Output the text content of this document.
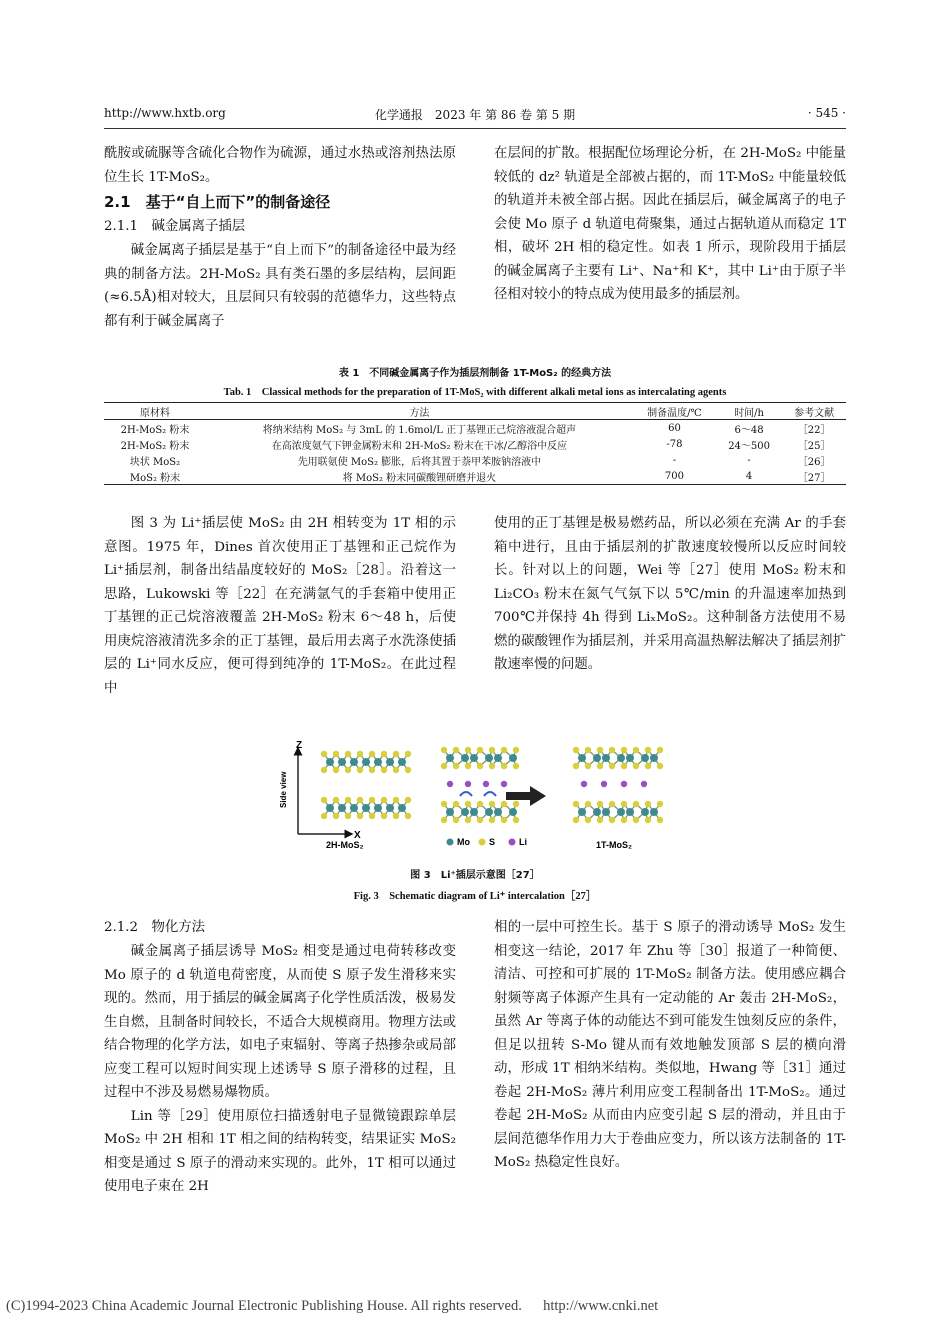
http://www.hxtb.org	化学通报　2023 年 第 86 卷 第 5 期	· 545 ·

酰胺或硫脲等含硫化合物作为硫源，通过水热或溶剂热法原位生长 1T-MoS₂。

2.1　基于“自上而下”的制备途径

2.1.1　碱金属离子插层

碱金属离子插层是基于“自上而下”的制备途径中最为经典的制备方法。2H-MoS₂ 具有类石墨的多层结构，层间距(≈6.5Å)相对较大，且层间只有较弱的范德华力，这些特点都有利于碱金属离子

在层间的扩散。根据配位场理论分析，在 2H-MoS₂ 中能量较低的 dz² 轨道是全部被占据的，而 1T-MoS₂ 中能量较低的轨道并未被全部占据。因此在插层后，碱金属离子的电子会使 Mo 原子 d 轨道电荷聚集，通过占据轨道从而稳定 1T 相，破坏 2H 相的稳定性。如表 1 所示，现阶段用于插层的碱金属离子主要有 Li⁺、Na⁺和 K⁺，其中 Li⁺由于原子半径相对较小的特点成为使用最多的插层剂。

表 1　不同碱金属离子作为插层剂制备 1T-MoS₂ 的经典方法
Tab. 1　Classical methods for the preparation of 1T-MoS₂ with different alkali metal ions as intercalating agents
原材料	方法	制备温度/℃	时间/h	参考文献
2H-MoS₂ 粉末	将纳米结构 MoS₂ 与 3mL 的 1.6mol/L 正丁基锂正己烷溶液混合超声	60	6～48	［22］
2H-MoS₂ 粉末	在高浓度氨气下钾金属粉末和 2H-MoS₂ 粉末在干冰/乙醇浴中反应	-78	24～500	［25］
块状 MoS₂	先用联氨使 MoS₂ 膨胀，后将其置于萘甲苯胺钠溶液中	-	-	［26］
MoS₂ 粉末	将 MoS₂ 粉末同碳酸锂研磨并退火	700	4	［27］

图 3 为 Li⁺插层使 MoS₂ 由 2H 相转变为 1T 相的示意图。1975 年，Dines 首次使用正丁基锂和正己烷作为 Li⁺插层剂，制备出结晶度较好的 MoS₂［28］。沿着这一思路，Lukowski 等［22］在充满氩气的手套箱中使用正丁基锂的正己烷溶液覆盖 2H-MoS₂ 粉末 6～48 h，后使用庚烷溶液清洗多余的正丁基锂，最后用去离子水洗涤使插层的 Li⁺同水反应，便可得到纯净的 1T-MoS₂。在此过程中

使用的正丁基锂是极易燃药品，所以必须在充满 Ar 的手套箱中进行，且由于插层剂的扩散速度较慢所以反应时间较长。针对以上的问题，Wei 等［27］使用 MoS₂ 粉末和 Li₂CO₃ 粉末在氮气气氛下以 5℃/min 的升温速率加热到 700℃并保持 4h 得到 LiₓMoS₂。这种制备方法使用不易燃的碳酸锂作为插层剂，并采用高温热解法解决了插层剂扩散速率慢的问题。

Z
X
Side view
2H-MoS₂	1T-MoS₂
Mo S	Li
图 3　Li⁺插层示意图［27］
Fig. 3　Schematic diagram of Li⁺ intercalation［27］

2.1.2　物化方法

碱金属离子插层诱导 MoS₂ 相变是通过电荷转移改变 Mo 原子的 d 轨道电荷密度，从而使 S 原子发生滑移来实现的。然而，用于插层的碱金属离子化学性质活泼，极易发生自燃，且制备时间较长，不适合大规模商用。物理方法或结合物理的化学方法，如电子束辐射、等离子热掺杂或局部应变工程可以短时间实现上述诱导 S 原子滑移的过程，且过程中不涉及易燃易爆物质。

Lin 等［29］使用原位扫描透射电子显微镜跟踪单层 MoS₂ 中 2H 相和 1T 相之间的结构转变，结果证实 MoS₂ 相变是通过 S 原子的滑动来实现的。此外，1T 相可以通过使用电子束在 2H

相的一层中可控生长。基于 S 原子的滑动诱导 MoS₂ 发生相变这一结论，2017 年 Zhu 等［30］报道了一种简便、清洁、可控和可扩展的 1T-MoS₂ 制备方法。使用感应耦合射频等离子体源产生具有一定动能的 Ar 轰击 2H-MoS₂，虽然 Ar 等离子体的动能达不到可能发生蚀刻反应的条件，但足以扭转 S-Mo 键从而有效地触发顶部 S 层的横向滑动，形成 1T 相纳米结构。类似地，Hwang 等［31］通过卷起 2H-MoS₂ 薄片利用应变工程制备出 1T-MoS₂。通过卷起 2H-MoS₂ 从而由内应变引起 S 层的滑动，并且由于层间范德华作用力大于卷曲应变力，所以该方法制备的 1T-MoS₂ 热稳定性良好。

(C)1994-2023 China Academic Journal Electronic Publishing House. All rights reserved. http://www.cnki.net
